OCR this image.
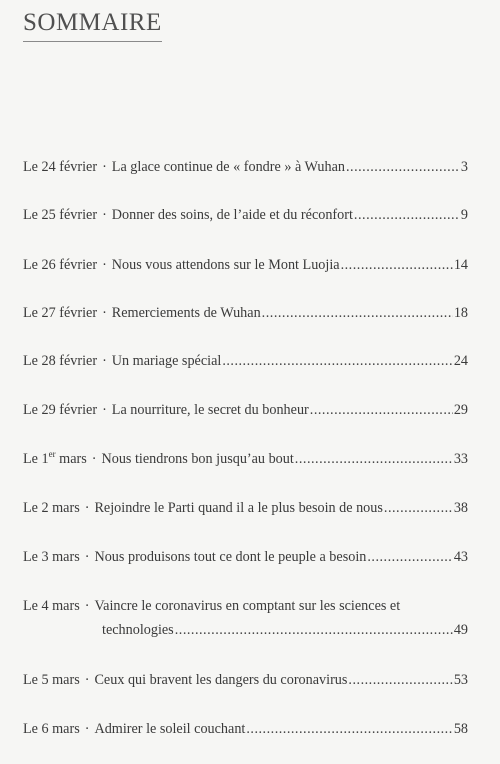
SOMMAIRE
Le 24 février · La glace continue de « fondre » à Wuhan .....	3
Le 25 février · Donner des soins, de l’aide et du réconfort .....	9
Le 26 février · Nous vous attendons sur le Mont Luojia .....	14
Le 27 février · Remerciements de Wuhan .....	18
Le 28 février · Un mariage spécial .....	24
Le 29 février · La nourriture, le secret du bonheur .....	29
Le 1er mars · Nous tiendrons bon jusqu’au bout .....	33
Le 2 mars · Rejoindre le Parti quand il a le plus besoin de nous .....	38
Le 3 mars · Nous produisons tout ce dont le peuple a besoin .....	43
Le 4 mars · Vaincre le coronavirus en comptant sur les sciences et
technologies .....	49
Le 5 mars · Ceux qui bravent les dangers du coronavirus .....	53
Le 6 mars · Admirer le soleil couchant .....	58
